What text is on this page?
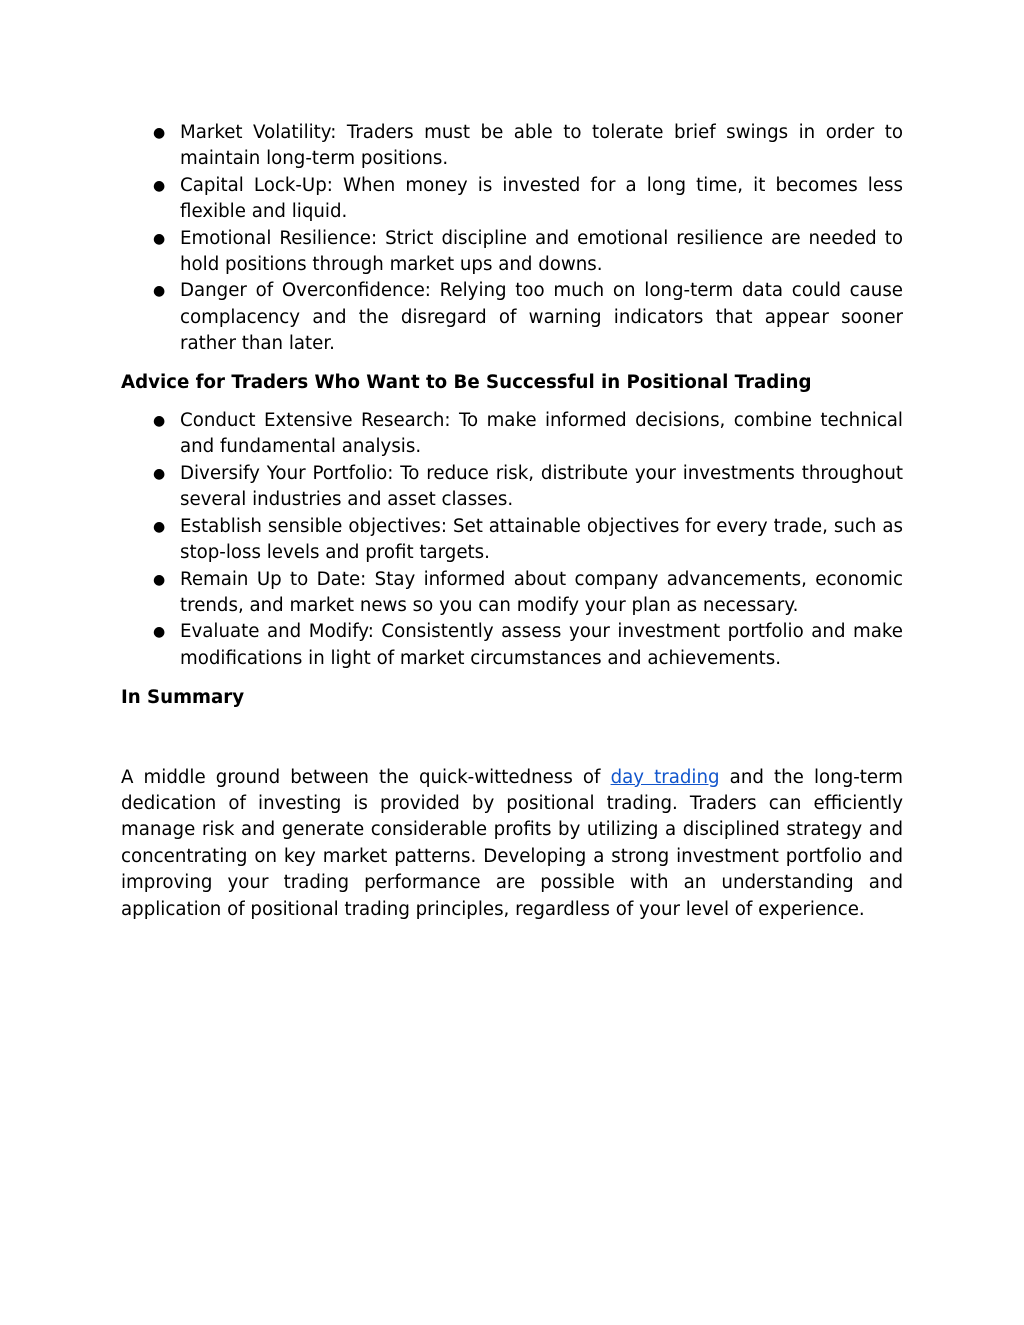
● Market Volatility: Traders must be able to tolerate brief swings in order to maintain long-term positions.
● Capital Lock-Up: When money is invested for a long time, it becomes less flexible and liquid.
● Emotional Resilience: Strict discipline and emotional resilience are needed to hold positions through market ups and downs.
● Danger of Overconfidence: Relying too much on long-term data could cause complacency and the disregard of warning indicators that appear sooner rather than later.

Advice for Traders Who Want to Be Successful in Positional Trading

● Conduct Extensive Research: To make informed decisions, combine technical and fundamental analysis.
● Diversify Your Portfolio: To reduce risk, distribute your investments throughout several industries and asset classes.
● Establish sensible objectives: Set attainable objectives for every trade, such as stop-loss levels and profit targets.
● Remain Up to Date: Stay informed about company advancements, economic trends, and market news so you can modify your plan as necessary.
● Evaluate and Modify: Consistently assess your investment portfolio and make modifications in light of market circumstances and achievements.

In Summary

A middle ground between the quick-wittedness of day trading and the long-term dedication of investing is provided by positional trading. Traders can efficiently manage risk and generate considerable profits by utilizing a disciplined strategy and concentrating on key market patterns. Developing a strong investment portfolio and improving your trading performance are possible with an understanding and application of positional trading principles, regardless of your level of experience.
